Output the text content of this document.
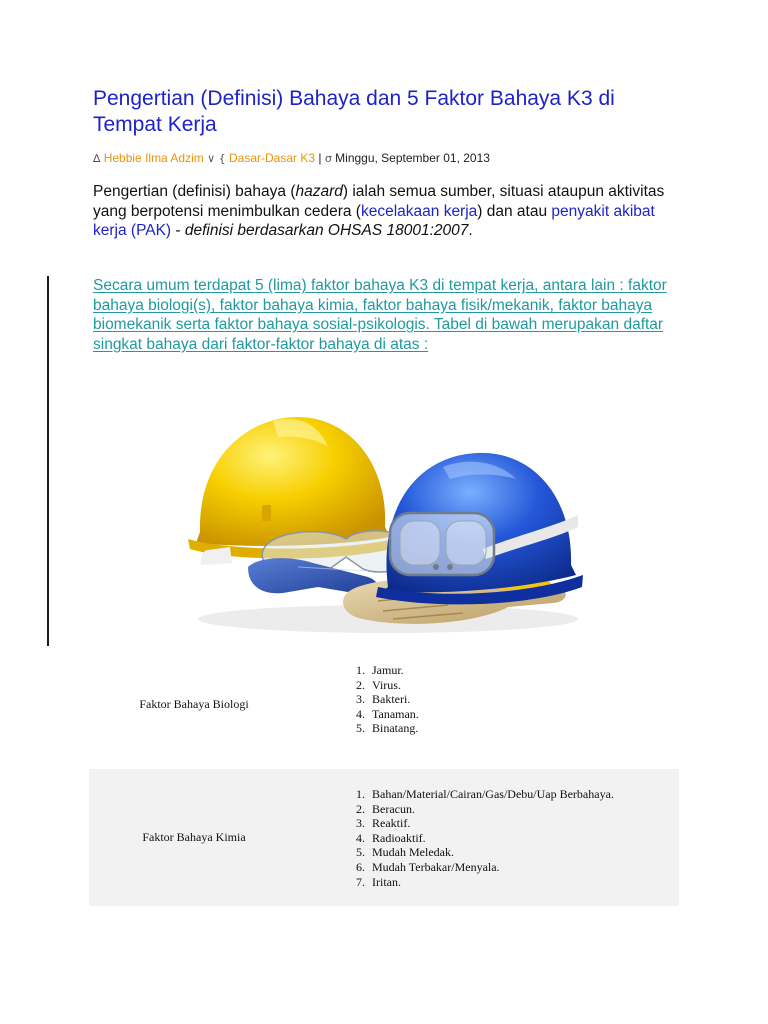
Pengertian (Definisi) Bahaya dan 5 Faktor Bahaya K3 di Tempat Kerja
∆ Hebbie Ilma Adzim ∨ { Dasar-Dasar K3 | σ Minggu, September 01, 2013

Pengertian (definisi) bahaya (hazard) ialah semua sumber, situasi ataupun aktivitas yang berpotensi menimbulkan cedera (kecelakaan kerja) dan atau penyakit akibat kerja (PAK) - definisi berdasarkan OHSAS 18001:2007.

Secara umum terdapat 5 (lima) faktor bahaya K3 di tempat kerja, antara lain : faktor bahaya biologi(s), faktor bahaya kimia, faktor bahaya fisik/mekanik, faktor bahaya biomekanik serta faktor bahaya sosial-psikologis. Tabel di bawah merupakan daftar singkat bahaya dari faktor-faktor bahaya di atas :

Faktor Bahaya Biologi
1. Jamur.
2. Virus.
3. Bakteri.
4. Tanaman.
5. Binatang.
Faktor Bahaya Kimia
1. Bahan/Material/Cairan/Gas/Debu/Uap Berbahaya.
2. Beracun.
3. Reaktif.
4. Radioaktif.
5. Mudah Meledak.
6. Mudah Terbakar/Menyala.
7. Iritan.
